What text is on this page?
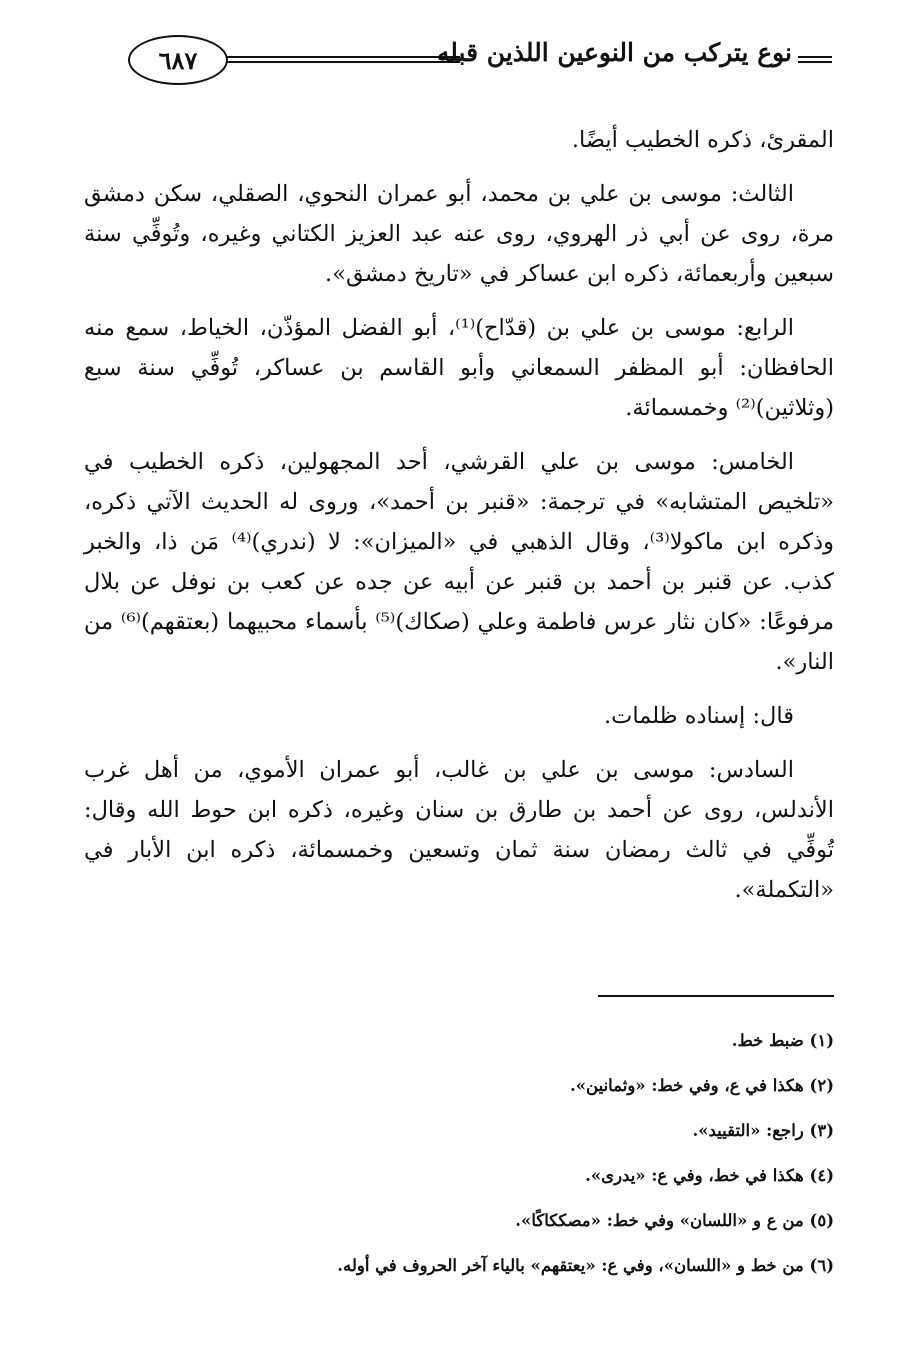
٦٨٧	نوع يتركب من النوعين اللذين قبله

المقرئ، ذكره الخطيب أيضًا.

الثالث: موسى بن علي بن محمد، أبو عمران النحوي، الصقلي، سكن دمشق مرة، روى عن أبي ذر الهروي، روى عنه عبد العزيز الكتاني وغيره، وتُوفِّي سنة سبعين وأربعمائة، ذكره ابن عساكر في «تاريخ دمشق».

الرابع: موسى بن علي بن (قدّاح)⁽¹⁾، أبو الفضل المؤذّن، الخياط، سمع منه الحافظان: أبو المظفر السمعاني وأبو القاسم بن عساكر، تُوفِّي سنة سبع (وثلاثين)⁽²⁾ وخمسمائة.

الخامس: موسى بن علي القرشي، أحد المجهولين، ذكره الخطيب في «تلخيص المتشابه» في ترجمة: «قنبر بن أحمد»، وروى له الحديث الآتي ذكره، وذكره ابن ماكولا⁽³⁾، وقال الذهبي في «الميزان»: لا (ندري)⁽⁴⁾ مَن ذا، والخبر كذب. عن قنبر بن أحمد بن قنبر عن أبيه عن جده عن كعب بن نوفل عن بلال مرفوعًا: «كان نثار عرس فاطمة وعلي (صكاك)⁽⁵⁾ بأسماء محبيهما (بعتقهم)⁽⁶⁾ من النار».

قال: إسناده ظلمات.

السادس: موسى بن علي بن غالب، أبو عمران الأموي، من أهل غرب الأندلس، روى عن أحمد بن طارق بن سنان وغيره، ذكره ابن حوط الله وقال: تُوفِّي في ثالث رمضان سنة ثمان وتسعين وخمسمائة، ذكره ابن الأبار في «التكملة».

(١) ضبط خط.
(٢) هكذا في ع، وفي خط: «وثمانين».
(٣) راجع: «التقييد».
(٤) هكذا في خط، وفي ع: «يدرى».
(٥) من ع و «اللسان» وفي خط: «مصككاكًا».
(٦) من خط و «اللسان»، وفي ع: «يعتقهم» بالياء آخر الحروف في أوله.
